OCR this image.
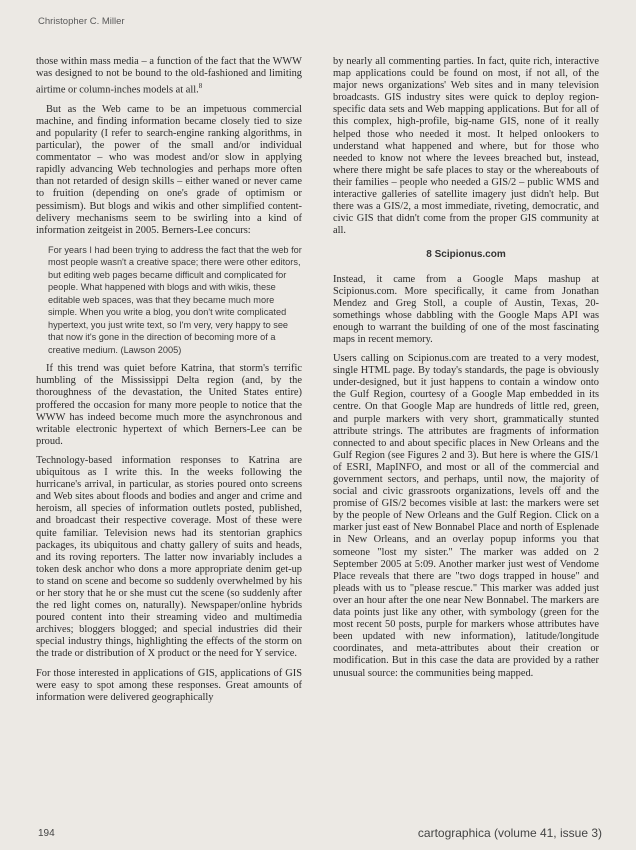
Christopher C. Miller

those within mass media – a function of the fact that the WWW was designed to not be bound to the old-fashioned and limiting airtime or column-inches models at all.$^8$

But as the Web came to be an impetuous commercial machine, and finding information became closely tied to size and popularity (I refer to search-engine ranking algorithms, in particular), the power of the small and/or individual commentator – who was modest and/or slow in applying rapidly advancing Web technologies and perhaps more often than not retarded of design skills – either waned or never came to fruition (depending on one's grade of optimism or pessimism). But blogs and wikis and other simplified content-delivery mechanisms seem to be swirling into a kind of information zeitgeist in 2005. Berners-Lee concurs:

For years I had been trying to address the fact that the web for most people wasn't a creative space; there were other editors, but editing web pages became difficult and complicated for people. What happened with blogs and with wikis, these editable web spaces, was that they became much more simple. When you write a blog, you don't write complicated hypertext, you just write text, so I'm very, very happy to see that now it's gone in the direction of becoming more of a creative medium. (Lawson 2005)

If this trend was quiet before Katrina, that storm's terrific humbling of the Mississippi Delta region (and, by the thoroughness of the devastation, the United States entire) proffered the occasion for many more people to notice that the WWW has indeed become much more the asynchronous and writable electronic hypertext of which Berners-Lee can be proud.

Technology-based information responses to Katrina are ubiquitous as I write this. In the weeks following the hurricane's arrival, in particular, as stories poured onto screens and Web sites about floods and bodies and anger and crime and heroism, all species of information outlets posted, published, and broadcast their respective coverage. Most of these were quite familiar. Television news had its stentorian graphics packages, its ubiquitous and chatty gallery of suits and heads, and its roving reporters. The latter now invariably includes a token desk anchor who dons a more appropriate denim get-up to stand on scene and become so suddenly overwhelmed by his or her story that he or she must cut the scene (so suddenly after the red light comes on, naturally). Newspaper/online hybrids poured content into their streaming video and multimedia archives; bloggers blogged; and special industries did their special industry things, highlighting the effects of the storm on the trade or distribution of X product or the need for Y service.

For those interested in applications of GIS, applications of GIS were easy to spot among these responses. Great amounts of information were delivered geographically

by nearly all commenting parties. In fact, quite rich, interactive map applications could be found on most, if not all, of the major news organizations' Web sites and in many television broadcasts. GIS industry sites were quick to deploy region-specific data sets and Web mapping applications. But for all of this complex, high-profile, big-name GIS, none of it really helped those who needed it most. It helped onlookers to understand what happened and where, but for those who needed to know not where the levees breached but, instead, where there might be safe places to stay or the whereabouts of their families – people who needed a GIS/2 – public WMS and interactive galleries of satellite imagery just didn't help. But there was a GIS/2, a most immediate, riveting, democratic, and civic GIS that didn't come from the proper GIS community at all.

8 Scipionus.com

Instead, it came from a Google Maps mashup at Scipionus.com. More specifically, it came from Jonathan Mendez and Greg Stoll, a couple of Austin, Texas, 20-somethings whose dabbling with the Google Maps API was enough to warrant the building of one of the most fascinating maps in recent memory.

Users calling on Scipionus.com are treated to a very modest, single HTML page. By today's standards, the page is obviously under-designed, but it just happens to contain a window onto the Gulf Region, courtesy of a Google Map embedded in its centre. On that Google Map are hundreds of little red, green, and purple markers with very short, grammatically stunted attribute strings. The attributes are fragments of information connected to and about specific places in New Orleans and the Gulf Region (see Figures 2 and 3). But here is where the GIS/1 of ESRI, MapINFO, and most or all of the commercial and government sectors, and perhaps, until now, the majority of social and civic grassroots organizations, levels off and the promise of GIS/2 becomes visible at last: the markers were set by the people of New Orleans and the Gulf Region. Click on a marker just east of New Bonnabel Place and north of Esplenade in New Orleans, and an overlay popup informs you that someone "lost my sister." The marker was added on 2 September 2005 at 5:09. Another marker just west of Vendome Place reveals that there are "two dogs trapped in house" and pleads with us to "please rescue." This marker was added just over an hour after the one near New Bonnabel. The markers are data points just like any other, with symbology (green for the most recent 50 posts, purple for markers whose attributes have been updated with new information), latitude/longitude coordinates, and meta-attributes about their creation or modification. But in this case the data are provided by a rather unusual source: the communities being mapped.

194	cartographica (volume 41, issue 3)
